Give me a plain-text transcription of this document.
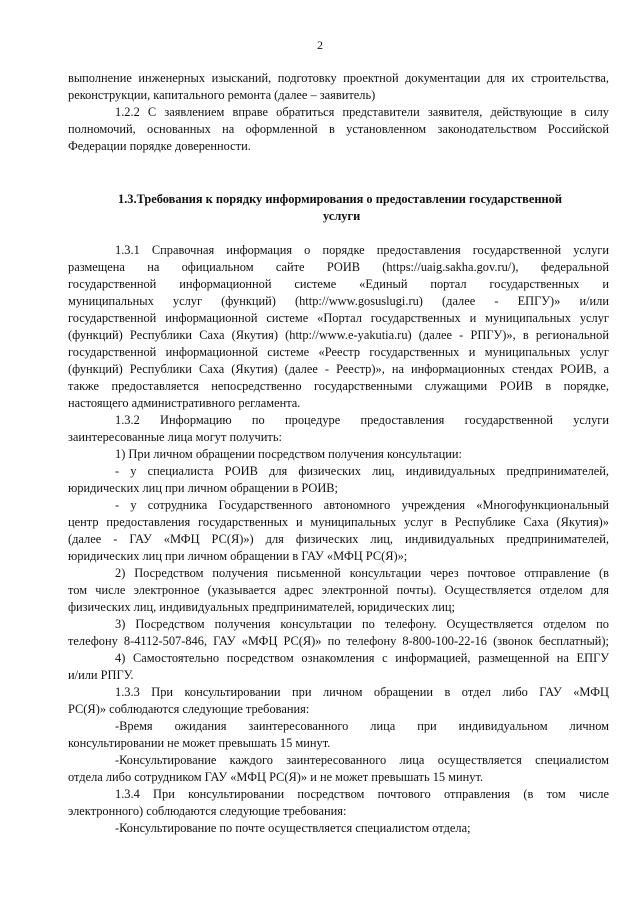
2
выполнение инженерных изысканий, подготовку проектной документации для их строительства,
реконструкции, капитального ремонта (далее – заявитель)
1.2.2 С заявлением вправе обратиться представители заявителя, действующие в силу
полномочий, основанных на оформленной в установленном законодательством Российской
Федерации порядке доверенности.
1.3.Требования к порядку информирования о предоставлении государственной
услуги
1.3.1 Справочная информация о порядке предоставления государственной услуги
размещена на официальном сайте РОИВ (https://uaig.sakha.gov.ru/), федеральной
государственной информационной системе «Единый портал государственных и
муниципальных услуг (функций) (http://www.gosuslugi.ru) (далее - ЕПГУ)» и/или
государственной информационной системе «Портал государственных и муниципальных услуг
(функций) Республики Саха (Якутия) (http://www.e-yakutia.ru) (далее - РПГУ)», в региональной
государственной информационной системе «Реестр государственных и муниципальных услуг
(функций) Республики Саха (Якутия) (далее - Реестр)», на информационных стендах РОИВ, а
также предоставляется непосредственно государственными служащими РОИВ в порядке,
настоящего административного регламента.
1.3.2 Информацию по процедуре предоставления государственной услуги
заинтересованные лица могут получить:
1) При личном обращении посредством получения консультации:
- у специалиста РОИВ для физических лиц, индивидуальных предпринимателей,
юридических лиц при личном обращении в РОИВ;
- у сотрудника Государственного автономного учреждения «Многофункциональный
центр предоставления государственных и муниципальных услуг в Республике Саха (Якутия)»
(далее - ГАУ «МФЦ РС(Я)») для физических лиц, индивидуальных предпринимателей,
юридических лиц при личном обращении в ГАУ «МФЦ РС(Я)»;
2) Посредством получения письменной консультации через почтовое отправление (в
том числе электронное (указывается адрес электронной почты). Осуществляется отделом для
физических лиц, индивидуальных предпринимателей, юридических лиц;
3) Посредством получения консультации по телефону. Осуществляется отделом по
телефону 8-4112-507-846, ГАУ «МФЦ РС(Я)» по телефону 8-800-100-22-16 (звонок бесплатный);
4) Самостоятельно посредством ознакомления с информацией, размещенной на ЕПГУ
и/или РПГУ.
1.3.3 При консультировании при личном обращении в отдел либо ГАУ «МФЦ
РС(Я)» соблюдаются следующие требования:
-Время ожидания заинтересованного лица при индивидуальном личном
консультировании не может превышать 15 минут.
-Консультирование каждого заинтересованного лица осуществляется специалистом
отдела либо сотрудником ГАУ «МФЦ РС(Я)» и не может превышать 15 минут.
1.3.4 При консультировании посредством почтового отправления (в том числе
электронного) соблюдаются следующие требования:
-Консультирование по почте осуществляется специалистом отдела;
